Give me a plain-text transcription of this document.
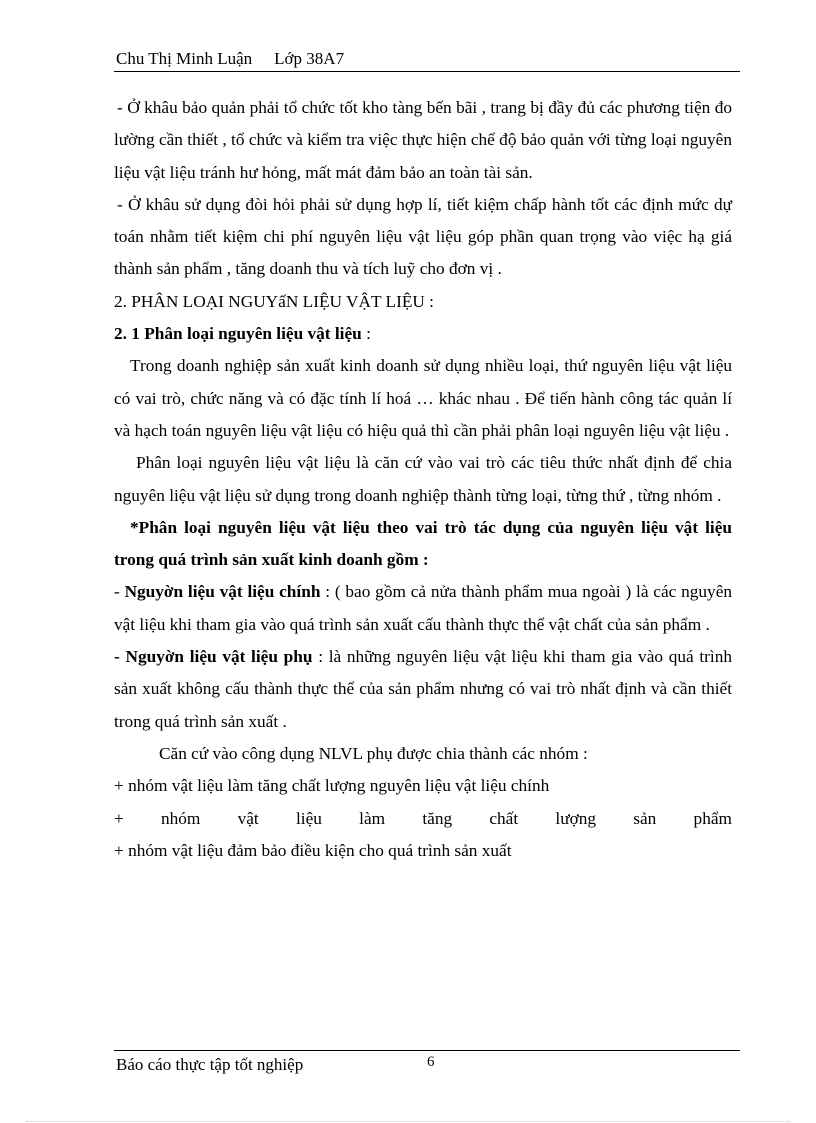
Chu Thị Minh Luận Lớp 38A7

- Ở khâu bảo quản phải tổ chức tốt kho tàng bến bãi , trang bị đầy đủ các phương tiện đo lường cần thiết , tổ chức và kiểm tra việc thực hiện chế độ bảo quản với từng loại nguyên liệu vật liệu tránh hư hỏng, mất mát đảm bảo an toàn tài sản.

- Ở khâu sử dụng đòi hỏi phải sử dụng hợp lí, tiết kiệm chấp hành tốt các định mức dự toán nhằm tiết kiệm chi phí nguyên liệu vật liệu góp phần quan trọng vào việc hạ giá thành sản phẩm , tăng doanh thu và tích luỹ cho đơn vị .

2. PHÂN LOẠI NGUYấN LIỆU VẬT LIỆU :

2. 1 Phân loại nguyên liệu vật liệu :

Trong doanh nghiệp sản xuất kinh doanh sử dụng nhiều loại, thứ nguyên liệu vật liệu có vai trò, chức năng và có đặc tính lí hoá … khác nhau . Để tiến hành công tác quản lí và hạch toán nguyên liệu vật liệu có hiệu quả thì cần phải phân loại nguyên liệu vật liệu .

Phân loại nguyên liệu vật liệu là căn cứ vào vai trò các tiêu thức nhất định để chia nguyên liệu vật liệu sử dụng trong doanh nghiệp thành từng loại, từng thứ , từng nhóm .

*Phân loại nguyên liệu vật liệu theo vai trò tác dụng của nguyên liệu vật liệu trong quá trình sản xuất kinh doanh gồm :

- Nguyờn liệu vật liệu chính : ( bao gồm cả nửa thành phẩm mua ngoài ) là các nguyên vật liệu khi tham gia vào quá trình sản xuất cấu thành thực thể vật chất của sản phẩm .

- Nguyờn liệu vật liệu phụ : là những nguyên liệu vật liệu khi tham gia vào quá trình sản xuất không cấu thành thực thể của sản phẩm nhưng có vai trò nhất định và cần thiết trong quá trình sản xuất .

Căn cứ vào công dụng NLVL phụ được chia thành các nhóm :

+ nhóm vật liệu làm tăng chất lượng nguyên liệu vật liệu chính

+ nhóm vật liệu làm tăng chất lượng sản phẩm

+ nhóm vật liệu đảm bảo điều kiện cho quá trình sản xuất

Báo cáo thực tập tốt nghiệp	6
